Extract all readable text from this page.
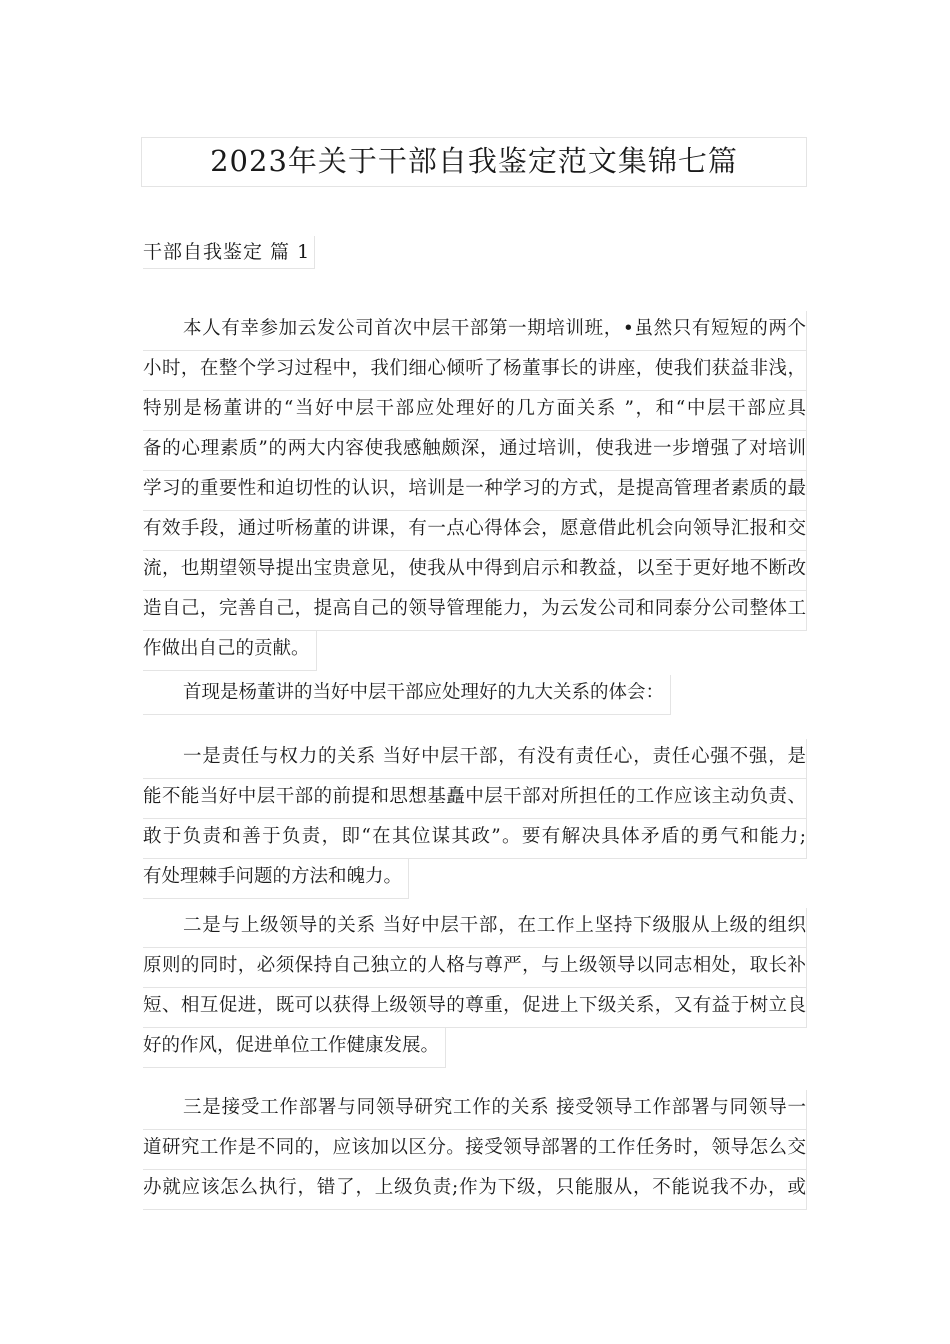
2023年关于干部自我鉴定范文集锦七篇
干部自我鉴定 篇 1
本人有幸参加云发公司首次中层干部第一期培训班，•虽然只有短短的两个
小时，在整个学习过程中，我们细心倾听了杨董事长的讲座，使我们获益非浅，
特别是杨董讲的“当好中层干部应处理好的几方面关系 ”，和“中层干部应具
备的心理素质”的两大内容使我感触颇深，通过培训，使我进一步增强了对培训
学习的重要性和迫切性的认识，培训是一种学习的方式，是提高管理者素质的最
有效手段，通过听杨董的讲课，有一点心得体会，愿意借此机会向领导汇报和交
流，也期望领导提出宝贵意见，使我从中得到启示和教益，以至于更好地不断改
造自己，完善自己，提高自己的领导管理能力，为云发公司和同泰分公司整体工
作做出自己的贡献。
首现是杨董讲的当好中层干部应处理好的九大关系的体会：
一是责任与权力的关系 当好中层干部，有没有责任心，责任心强不强，是
能不能当好中层干部的前提和思想基矗中层干部对所担任的工作应该主动负责、
敢于负责和善于负责，即“在其位谋其政”。要有解决具体矛盾的勇气和能力;
有处理棘手问题的方法和魄力。
二是与上级领导的关系 当好中层干部，在工作上坚持下级服从上级的组织
原则的同时，必须保持自己独立的人格与尊严，与上级领导以同志相处，取长补
短、相互促进，既可以获得上级领导的尊重，促进上下级关系，又有益于树立良
好的作风，促进单位工作健康发展。
三是接受工作部署与同领导研究工作的关系 接受领导工作部署与同领导一
道研究工作是不同的，应该加以区分。接受领导部署的工作任务时，领导怎么交
办就应该怎么执行，错了，上级负责;作为下级，只能服从，不能说我不办，或
